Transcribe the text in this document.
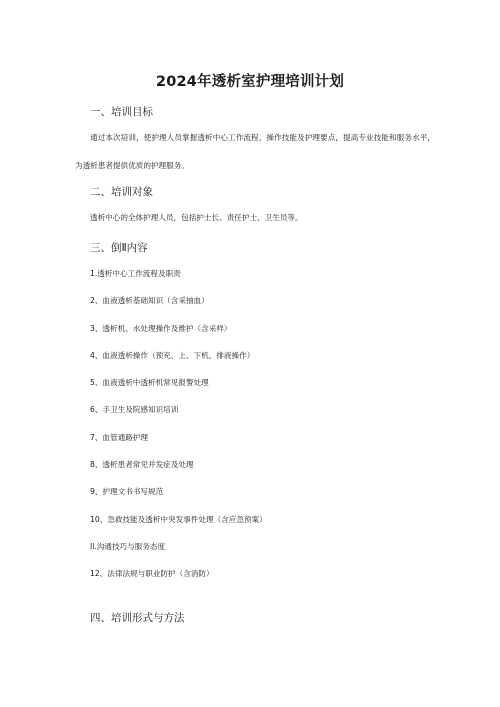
2024年透析室护理培训计划
一、培训目标

通过本次培训，使护理人员掌握透析中心工作流程、操作技能及护理要点，提高专业技能和服务水平，为透析患者提供优质的护理服务。

二、培训对象

透析中心的全体护理人员，包括护士长、责任护士、卫生员等。

三、倒Ⅱ内容
1.透析中心工作流程及职责
2、血液透析基础知识（含采抽血）
3、透析机、水处理操作及维护（含采样）
4、血液透析操作（预充、上、下机、排液操作）
5、血液透析中透析机常见报警处理
6、手卫生及院感知识培训
7、血管通路护理
8、透析患者常见并发症及处理
9、护理文书书写规范
10、急救技能及透析中突发事件处理（含应急预案）
Il.沟通技巧与服务态度
12、法律法规与职业防护（含消防）
四、培训形式与方法
